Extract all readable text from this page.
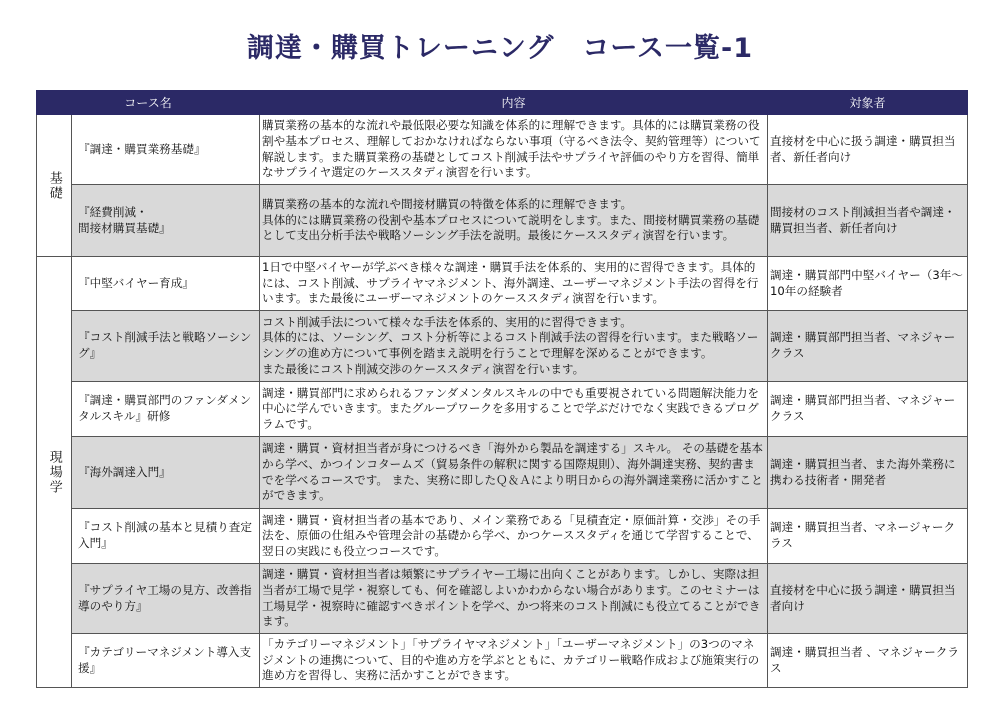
調達・購買トレーニング　コース一覧-1
コース名		内容	対象者

基礎	『調達・購買業務基礎』	購買業務の基本的な流れや最低限必要な知識を体系的に理解できます。具体的には購買業務の役割や基本プロセス、理解しておかなければならない事項（守るべき法令、契約管理等）について解説します。また購買業務の基礎としてコスト削減手法やサプライヤ評価のやり方を習得、簡単なサプライヤ選定のケーススタディ演習を行います。	直接材を中心に扱う調達・購買担当者、新任者向け
	『経費削減・
間接材購買基礎』	購買業務の基本的な流れや間接材購買の特徴を体系的に理解できます。
具体的には購買業務の役割や基本プロセスについて説明をします。また、間接材購買業務の基礎として支出分析手法や戦略ソーシング手法を説明。最後にケーススタディ演習を行います。	間接材のコスト削減担当者や調達・購買担当者、新任者向け

現場学	『中堅バイヤー育成』	1日で中堅バイヤーが学ぶべき様々な調達・購買手法を体系的、実用的に習得できます。具体的には、コスト削減、サプライヤマネジメント、海外調達、ユーザーマネジメント手法の習得を行います。また最後にユーザーマネジメントのケーススタディ演習を行います。	調達・購買部門中堅バイヤー（3年～10年の経験者
	『コスト削減手法と戦略ソーシング』	コスト削減手法について様々な手法を体系的、実用的に習得できます。
具体的には、ソーシング、コスト分析等によるコスト削減手法の習得を行います。また戦略ソーシングの進め方について事例を踏まえ説明を行うことで理解を深めることができます。
また最後にコスト削減交渉のケーススタディ演習を行います。	調達・購買部門担当者、マネジャークラス
	『調達・購買部門のファンダメンタルスキル』研修	調達・購買部門に求められるファンダメンタルスキルの中でも重要視されている問題解決能力を中心に学んでいきます。またグループワークを多用することで学ぶだけでなく実践できるプログラムです。	調達・購買部門担当者、マネジャークラス
	『海外調達入門』	調達・購買・資材担当者が身につけるべき「海外から製品を調達する」スキル。 その基礎を基本から学べ、かつインコタームズ（貿易条件の解釈に関する国際規則）、海外調達実務、契約書までを学べるコースです。 また、実務に即したＱ＆Ａにより明日からの海外調達業務に活かすことができます。	調達・購買担当者、また海外業務に携わる技術者・開発者
	『コスト削減の基本と見積り査定入門』	調達・購買・資材担当者の基本であり、メイン業務である「見積査定・原価計算・交渉」その手法を、原価の仕組みや管理会計の基礎から学べ、かつケーススタディを通じて学習することで、翌日の実践にも役立つコースです。	調達・購買担当者、マネージャークラス
	『サプライヤ工場の見方、改善指導のやり方』	調達・購買・資材担当者は頻繁にサプライヤー工場に出向くことがあります。しかし、実際は担当者が工場で見学・視察しても、何を確認しよいかわからない場合があります。このセミナーは工場見学・視察時に確認すべきポイントを学べ、かつ将来のコスト削減にも役立てることができます。	直接材を中心に扱う調達・購買担当者向け
	『カテゴリーマネジメント導入支援』	「カテゴリーマネジメント」「サプライヤマネジメント」「ユーザーマネジメント」の3つのマネジメントの連携について、目的や進め方を学ぶとともに、カテゴリー戦略作成および施策実行の進め方を習得し、実務に活かすことができます。	調達・購買担当者 、マネジャークラス
